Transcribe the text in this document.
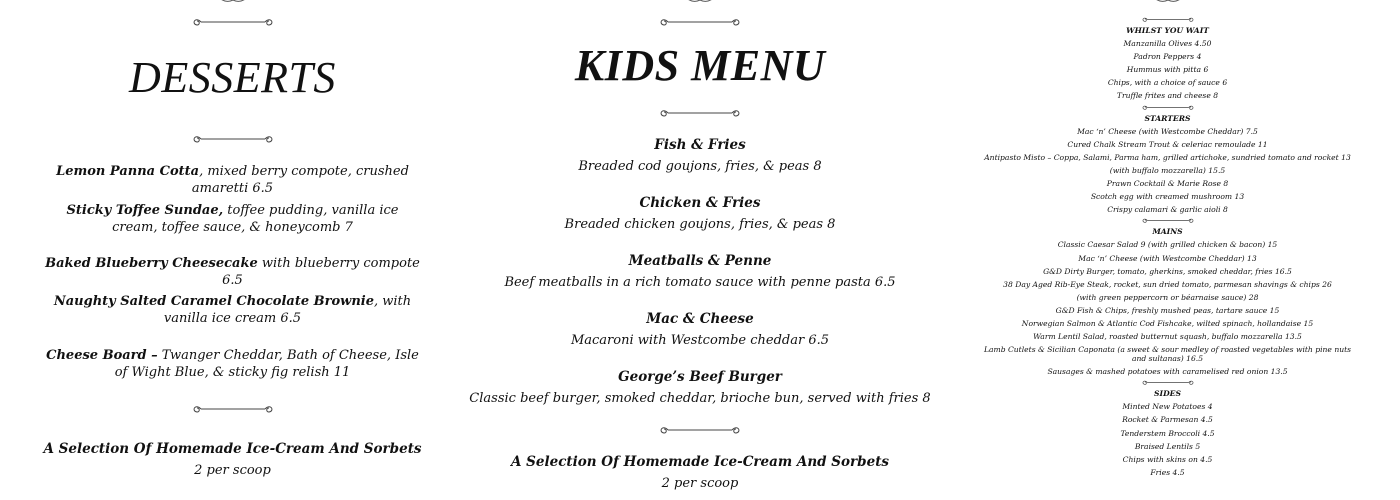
DESSERTS
Lemon Panna Cotta, mixed berry compote, crushed amaretti 6.5
Sticky Toffee Sundae, toffee pudding, vanilla ice cream, toffee sauce, & honeycomb 7
Baked Blueberry Cheesecake with blueberry compote 6.5
Naughty Salted Caramel Chocolate Brownie, with vanilla ice cream 6.5
Cheese Board – Twanger Cheddar, Bath of Cheese, Isle of Wight Blue, & sticky fig relish 11
A Selection Of Homemade Ice-Cream And Sorbets
2 per scoop
KIDS MENU
Fish & Fries
Breaded cod goujons, fries, & peas 8
Chicken & Fries
Breaded chicken goujons, fries, & peas 8
Meatballs & Penne
Beef meatballs in a rich tomato sauce with penne pasta 6.5
Mac & Cheese
Macaroni with Westcombe cheddar 6.5
George’s Beef Burger
Classic beef burger, smoked cheddar, brioche bun, served with fries 8
A Selection Of Homemade Ice-Cream And Sorbets
2 per scoop
WHILST YOU WAIT
Manzanilla Olives 4.50
Padron Peppers 4
Hummus with pitta 6
Chips, with a choice of sauce 6
Truffle frites and cheese 8
STARTERS
Mac ‘n’ Cheese (with Westcombe Cheddar) 7.5
Cured Chalk Stream Trout & celeriac remoulade 11
Antipasto Misto – Coppa, Salami, Parma ham, grilled artichoke, sundried tomato and rocket 13
(with buffalo mozzarella) 15.5
Prawn Cocktail & Marie Rose 8
Scotch egg with creamed mushroom 13
Crispy calamari & garlic aioli 8
MAINS
Classic Caesar Salad 9 (with grilled chicken & bacon) 15
Mac ‘n’ Cheese (with Westcombe Cheddar) 13
G&D Dirty Burger, tomato, gherkins, smoked cheddar, fries 16.5
38 Day Aged Rib-Eye Steak, rocket, sun dried tomato, parmesan shavings & chips 26
(with green peppercorn or béarnaise sauce) 28
G&D Fish & Chips, freshly mushed peas, tartare sauce 15
Norwegian Salmon & Atlantic Cod Fishcake, wilted spinach, hollandaise 15
Warm Lentil Salad, roasted butternut squash, buffalo mozzarella 13.5
Lamb Cutlets & Sicilian Caponata (a sweet & sour medley of roasted vegetables with pine nuts and sultanas) 16.5
Sausages & mashed potatoes with caramelised red onion 13.5
SIDES
Minted New Potatoes 4
Rocket & Parmesan 4.5
Tenderstem Broccoli 4.5
Braised Lentils 5
Chips with skins on 4.5
Fries 4.5
